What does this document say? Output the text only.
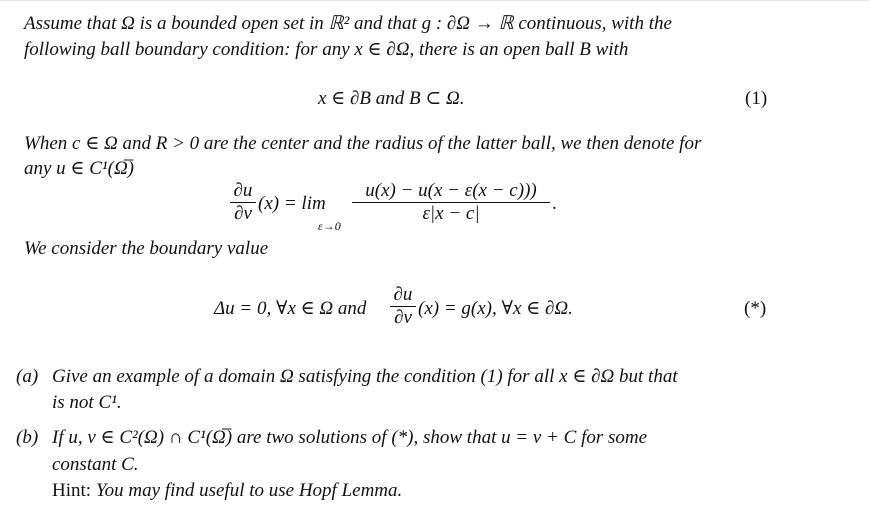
Assume that Ω is a bounded open set in ℝ² and that g : ∂Ω → ℝ continuous, with the
following ball boundary condition: for any x ∈ ∂Ω, there is an open ball B with
x ∈ ∂B and B ⊂ Ω.	(1)
When c ∈ Ω and R > 0 are the center and the radius of the latter ball, we then denote for
any u ∈ C¹(Ω̅)
∂u
∂ν (x) = lim
ε→0
u(x) − u(x − ε(x − c)))
ε|x − c|	.
We consider the boundary value
Δu = 0, ∀x ∈ Ω and
∂u
∂ν (x) = g(x), ∀x ∈ ∂Ω.	(*)
(a) Give an example of a domain Ω satisfying the condition (1) for all x ∈ ∂Ω but that
is not C¹.
(b) If u, v ∈ C²(Ω) ∩ C¹(Ω̅) are two solutions of (*), show that u = v + C for some
constant C.
Hint: You may find useful to use Hopf Lemma.
